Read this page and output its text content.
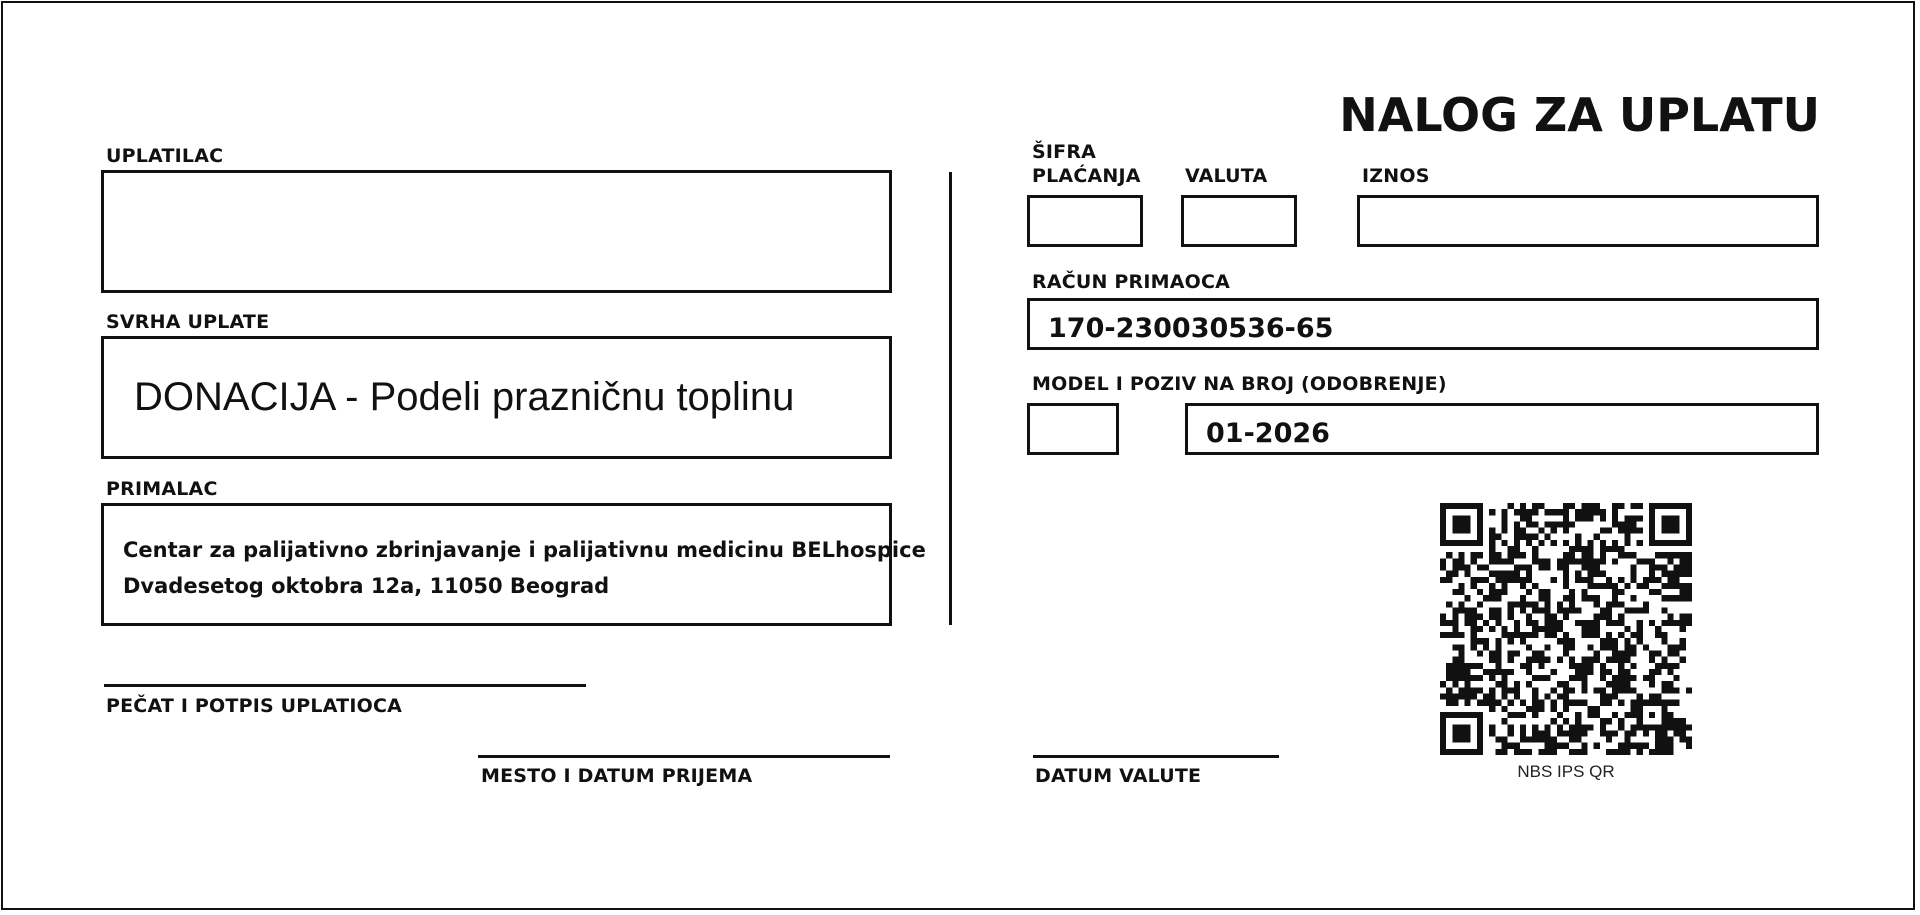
NALOG ZA UPLATU
UPLATILAC
SVRHA UPLATE
DONACIJA - Podeli prazničnu toplinu
PRIMALAC
Centar za palijativno zbrinjavanje i palijativnu medicinu BELhospice
Dvadesetog oktobra 12a, 11050 Beograd
PEČAT I POTPIS UPLATIOCA
MESTO I DATUM PRIJEMA
ŠIFRA
PLAĆANJA VALUTA	IZNOS
RAČUN PRIMAOCA
170-230030536-65
MODEL I POZIV NA BROJ (ODOBRENJE)
01-2026
NBS IPS QR
DATUM VALUTE
